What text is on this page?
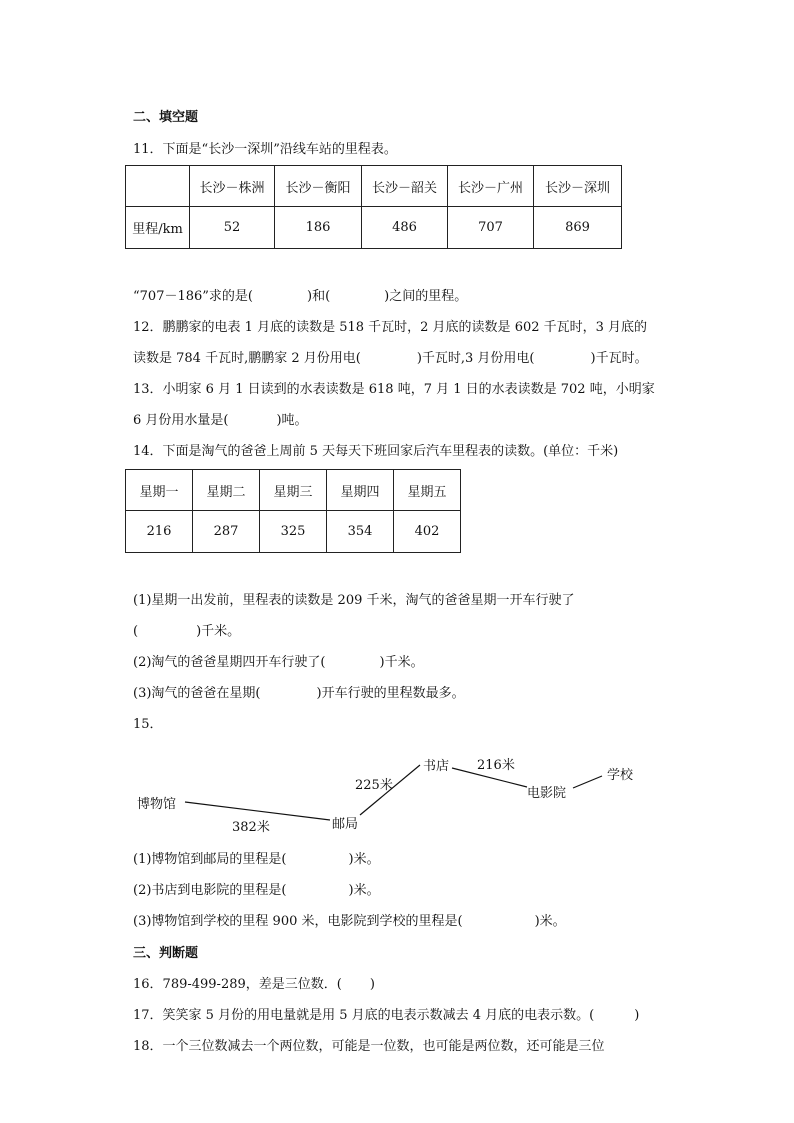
二、填空题
11．下面是“长沙一深圳”沿线车站的里程表。
	长沙－株洲	长沙－衡阳	长沙－韶关	长沙－广州	长沙－深圳
里程/km	52	186	486	707	869
“707－186”求的是(	)和(	)之间的里程。
12．鹏鹏家的电表 1 月底的读数是 518 千瓦时，2 月底的读数是 602 千瓦时，3 月底的
读数是 784 千瓦时,鹏鹏家 2 月份用电(	)千瓦时,3 月份用电(	)千瓦时。
13．小明家 6 月 1 日读到的水表读数是 618 吨，7 月 1 日的水表读数是 702 吨，小明家
6 月份用水量是(	)吨。
14．下面是淘气的爸爸上周前 5 天每天下班回家后汽车里程表的读数。(单位：千米)
星期一	星期二	星期三	星期四	星期五
216	287	325	354	402
(1)星期一出发前，里程表的读数是 209 千米，淘气的爸爸星期一开车行驶了
(	)千米。
(2)淘气的爸爸星期四开车行驶了(	)千米。
(3)淘气的爸爸在星期(	)开车行驶的里程数最多。
15．
博物馆
邮局
书店
电影院
学校
382米
225米
216米
(1)博物馆到邮局的里程是(	)米。
(2)书店到电影院的里程是(	)米。
(3)博物馆到学校的里程 900 米，电影院到学校的里程是(	)米。
三、判断题
16．789-499-289，差是三位数．( )
17．笑笑家 5 月份的用电量就是用 5 月底的电表示数减去 4 月底的电表示数。(	)
18．一个三位数减去一个两位数，可能是一位数，也可能是两位数，还可能是三位
